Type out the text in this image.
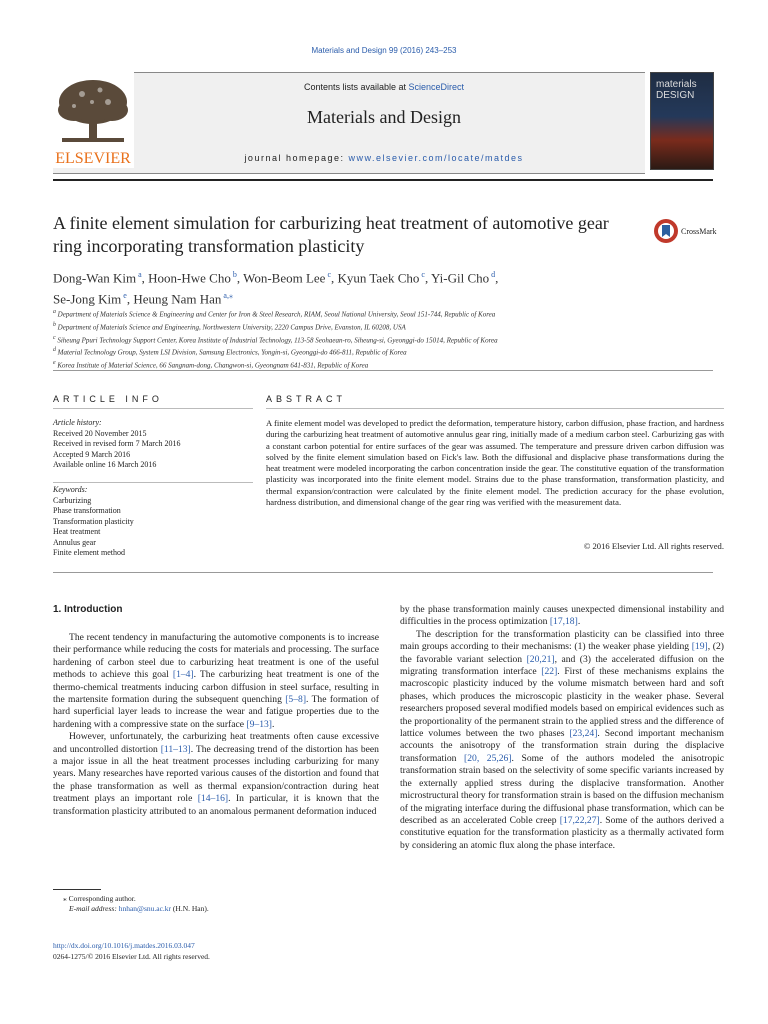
Materials and Design 99 (2016) 243–253
ELSEVIER
Contents lists available at ScienceDirect
Materials and Design
journal homepage: www.elsevier.com/locate/matdes
materials DESIGN
A finite element simulation for carburizing heat treatment of automotive gear ring incorporating transformation plasticity
CrossMark
Dong-Wan Kim $^a$, Hoon-Hwe Cho $^b$, Won-Beom Lee $^c$, Kyun Taek Cho $^c$, Yi-Gil Cho $^d$,
Se-Jong Kim $^e$, Heung Nam Han $^{a,⁎}$
$^a$ Department of Materials Science & Engineering and Center for Iron & Steel Research, RIAM, Seoul National University, Seoul 151-744, Republic of Korea
$^b$ Department of Materials Science and Engineering, Northwestern University, 2220 Campus Drive, Evanston, IL 60208, USA
$^c$ Siheung Ppuri Technology Support Center, Korea Institute of Industrial Technology, 113-58 Seohaean-ro, Siheung-si, Gyeonggi-do 15014, Republic of Korea
$^d$ Material Technology Group, System LSI Division, Samsung Electronics, Yongin-si, Gyeonggi-do 466-811, Republic of Korea
$^e$ Korea Institute of Material Science, 66 Sangnam-dong, Changwon-si, Gyeongnam 641-831, Republic of Korea
ARTICLE INFO
Article history:
Received 20 November 2015
Received in revised form 7 March 2016
Accepted 9 March 2016
Available online 16 March 2016
Keywords:
Carburizing
Phase transformation
Transformation plasticity
Heat treatment
Annulus gear
Finite element method
ABSTRACT
A finite element model was developed to predict the deformation, temperature history, carbon diffusion, phase fraction, and hardness during the carburizing heat treatment of automotive annulus gear ring, initially made of a medium carbon steel. Carburizing gas with a constant carbon potential for entire surfaces of the gear was assumed. The temperature and pressure driven carbon diffusion was solved by the finite element simulation based on Fick's law. Both the diffusional and displacive phase transformations during the heat treatment were modeled incorporating the carbon concentration inside the gear. The constitutive equation of the transformation plasticity was incorporated into the finite element model. Strains due to the phase transformation, transformation plasticity, and thermal expansion/contraction were calculated by the finite element model. The prediction accuracy for the phase evolution, hardness distribution, and dimensional change of the gear ring was verified with the measurement data.
© 2016 Elsevier Ltd. All rights reserved.
1. Introduction

The recent tendency in manufacturing the automotive components is to increase their performance while reducing the costs for materials and processing. The surface hardening of carbon steel due to carburizing heat treatment is one of the useful methods to achieve this goal [1–4]. The carburizing heat treatment is one of the thermo-chemical treatments inducing carbon diffusion in steel surface, resulting in the martensite formation during the subsequent quenching [5–8]. The formation of hard superficial layer leads to increase the wear and fatigue properties due to the hardening with a compressive state on the surface [9–13].

However, unfortunately, the carburizing heat treatments often cause excessive and uncontrolled distortion [11–13]. The decreasing trend of the distortion has been a major issue in all the heat treatment processes including carburizing for many years. Many researches have reported various causes of the distortion and found that the phase transformation as well as thermal expansion/contraction during heat treatment plays an important role [14–16]. In particular, it is known that the transformation plasticity attributed to an anomalous permanent deformation induced

by the phase transformation mainly causes unexpected dimensional instability and difficulties in the process optimization [17,18].

The description for the transformation plasticity can be classified into three main groups according to their mechanisms: (1) the weaker phase yielding [19], (2) the favorable variant selection [20,21], and (3) the accelerated diffusion on the migrating transformation interface [22]. First of these mechanisms explains the macroscopic plasticity induced by the volume mismatch between hard and soft phases, which produces the microscopic plasticity in the weaker phase. Several researchers proposed several modified models based on empirical evidences such as the proportionality of the permanent strain to the applied stress and the difference of lattice volumes between the two phases [23,24]. Second important mechanism accounts the anisotropy of the transformation strain during the displacive transformation [20, 25,26]. Some of the authors modeled the anisotropic transformation strain based on the selectivity of some specific variants increased by the externally applied stress during the displacive transformation. Another microstructural theory for transformation strain is based on the diffusion mechanism of the migrating interface during the diffusional phase transformation, which can be described as an accelerated Coble creep [17,22,27]. Some of the authors derived a constitutive equation for the transformation plasticity as a thermally activated form by considering an atomic flux along the phase interface.

⁎ Corresponding author.
E-mail address: hnhan@snu.ac.kr (H.N. Han).
http://dx.doi.org/10.1016/j.matdes.2016.03.047
0264-1275/© 2016 Elsevier Ltd. All rights reserved.
